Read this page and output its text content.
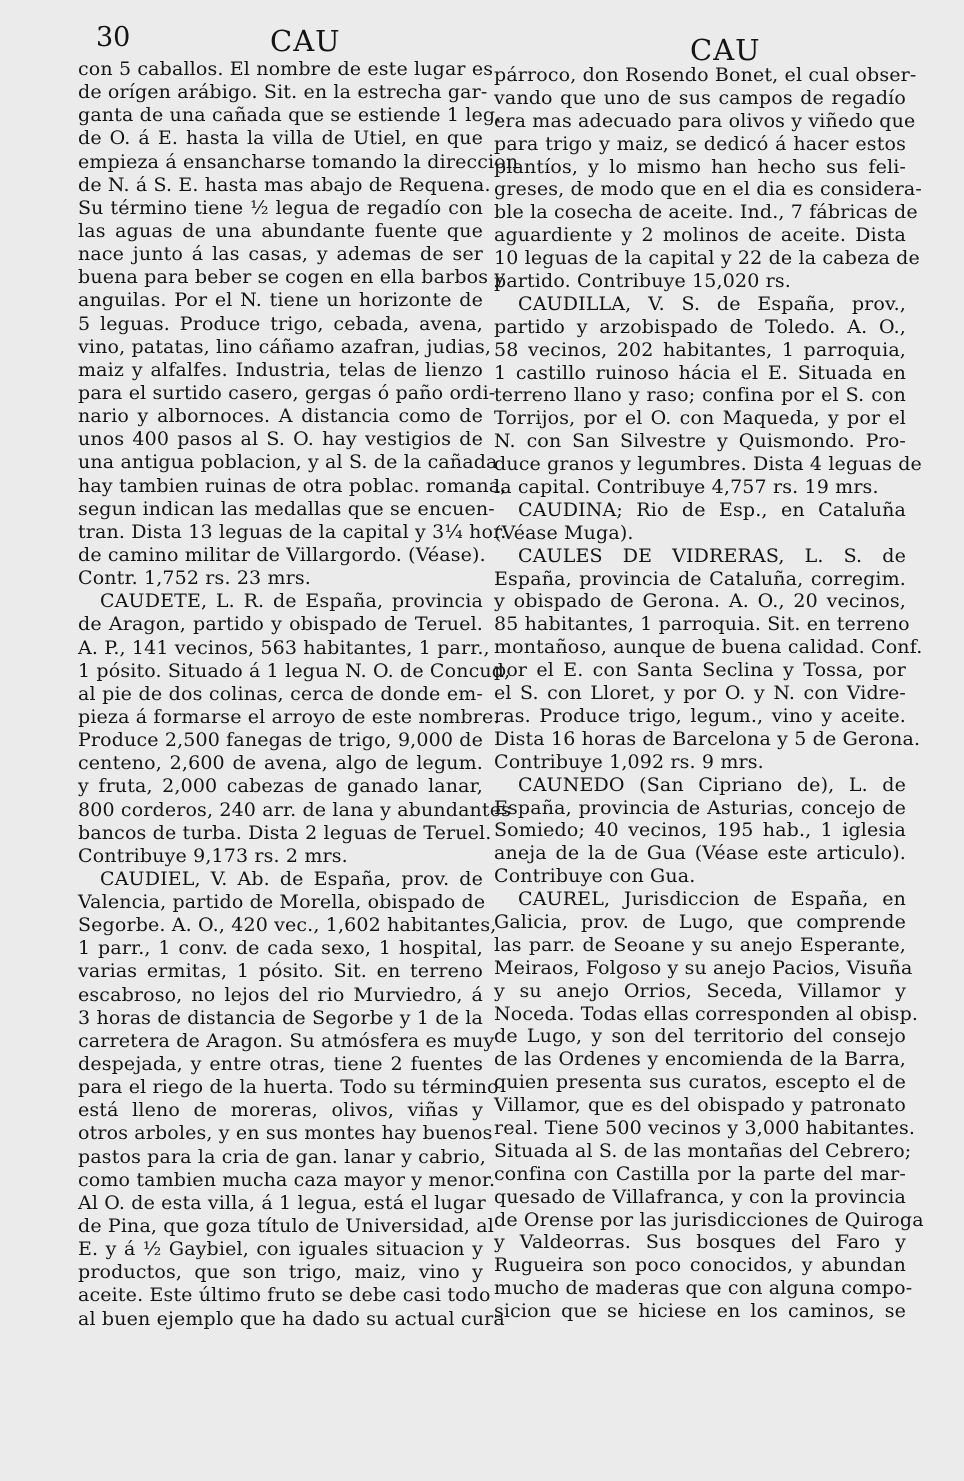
30	CAU	CAU
con 5 caballos. El nombre de este lugar es
de orígen arábigo. Sit. en la estrecha gar-
ganta de una cañada que se estiende 1 leg.
de O. á E. hasta la villa de Utiel, en que
empieza á ensancharse tomando la direccion
de N. á S. E. hasta mas abajo de Requena.
Su término tiene ½ legua de regadío con
las aguas de una abundante fuente que
nace junto á las casas, y ademas de ser
buena para beber se cogen en ella barbos y
anguilas. Por el N. tiene un horizonte de
5 leguas. Produce trigo, cebada, avena,
vino, patatas, lino cáñamo azafran, judias,
maiz y alfalfes. Industria, telas de lienzo
para el surtido casero, gergas ó paño ordi-
nario y albornoces. A distancia como de
unos 400 pasos al S. O. hay vestigios de
una antigua poblacion, y al S. de la cañada
hay tambien ruinas de otra poblac. romana,
segun indican las medallas que se encuen-
tran. Dista 13 leguas de la capital y 3¼ hor.
de camino militar de Villargordo. (Véase).
Contr. 1,752 rs. 23 mrs.
CAUDETE, L. R. de España, provincia
de Aragon, partido y obispado de Teruel.
A. P., 141 vecinos, 563 habitantes, 1 parr.,
1 pósito. Situado á 1 legua N. O. de Concud,
al pie de dos colinas, cerca de donde em-
pieza á formarse el arroyo de este nombre.
Produce 2,500 fanegas de trigo, 9,000 de
centeno, 2,600 de avena, algo de legum.
y fruta, 2,000 cabezas de ganado lanar,
800 corderos, 240 arr. de lana y abundantes
bancos de turba. Dista 2 leguas de Teruel.
Contribuye 9,173 rs. 2 mrs.
CAUDIEL, V. Ab. de España, prov. de
Valencia, partido de Morella, obispado de
Segorbe. A. O., 420 vec., 1,602 habitantes,
1 parr., 1 conv. de cada sexo, 1 hospital,
varias ermitas, 1 pósito. Sit. en terreno
escabroso, no lejos del rio Murviedro, á
3 horas de distancia de Segorbe y 1 de la
carretera de Aragon. Su atmósfera es muy
despejada, y entre otras, tiene 2 fuentes
para el riego de la huerta. Todo su término
está lleno de moreras, olivos, viñas y
otros arboles, y en sus montes hay buenos
pastos para la cria de gan. lanar y cabrio,
como tambien mucha caza mayor y menor.
Al O. de esta villa, á 1 legua, está el lugar
de Pina, que goza título de Universidad, al
E. y á ½ Gaybiel, con iguales situacion y
productos, que son trigo, maiz, vino y
aceite. Este último fruto se debe casi todo
al buen ejemplo que ha dado su actual cura
párroco, don Rosendo Bonet, el cual obser-
vando que uno de sus campos de regadío
era mas adecuado para olivos y viñedo que
para trigo y maiz, se dedicó á hacer estos
plantíos, y lo mismo han hecho sus feli-
greses, de modo que en el dia es considera-
ble la cosecha de aceite. Ind., 7 fábricas de
aguardiente y 2 molinos de aceite. Dista
10 leguas de la capital y 22 de la cabeza de
partido. Contribuye 15,020 rs.
CAUDILLA, V. S. de España, prov.,
partido y arzobispado de Toledo. A. O.,
58 vecinos, 202 habitantes, 1 parroquia,
1 castillo ruinoso hácia el E. Situada en
terreno llano y raso; confina por el S. con
Torrijos, por el O. con Maqueda, y por el
N. con San Silvestre y Quismondo. Pro-
duce granos y legumbres. Dista 4 leguas de
la capital. Contribuye 4,757 rs. 19 mrs.
CAUDINA; Rio de Esp., en Cataluña
(Véase Muga).
CAULES DE VIDRERAS, L. S. de
España, provincia de Cataluña, corregim.
y obispado de Gerona. A. O., 20 vecinos,
85 habitantes, 1 parroquia. Sit. en terreno
montañoso, aunque de buena calidad. Conf.
por el E. con Santa Seclina y Tossa, por
el S. con Lloret, y por O. y N. con Vidre-
ras. Produce trigo, legum., vino y aceite.
Dista 16 horas de Barcelona y 5 de Gerona.
Contribuye 1,092 rs. 9 mrs.
CAUNEDO (San Cipriano de), L. de
España, provincia de Asturias, concejo de
Somiedo; 40 vecinos, 195 hab., 1 iglesia
aneja de la de Gua (Véase este articulo).
Contribuye con Gua.
CAUREL, Jurisdiccion de España, en
Galicia, prov. de Lugo, que comprende
las parr. de Seoane y su anejo Esperante,
Meiraos, Folgoso y su anejo Pacios, Visuña
y su anejo Orrios, Seceda, Villamor y
Noceda. Todas ellas corresponden al obisp.
de Lugo, y son del territorio del consejo
de las Ordenes y encomienda de la Barra,
quien presenta sus curatos, escepto el de
Villamor, que es del obispado y patronato
real. Tiene 500 vecinos y 3,000 habitantes.
Situada al S. de las montañas del Cebrero;
confina con Castilla por la parte del mar-
quesado de Villafranca, y con la provincia
de Orense por las jurisdicciones de Quiroga
y Valdeorras. Sus bosques del Faro y
Rugueira son poco conocidos, y abundan
mucho de maderas que con alguna compo-
sicion que se hiciese en los caminos, se
